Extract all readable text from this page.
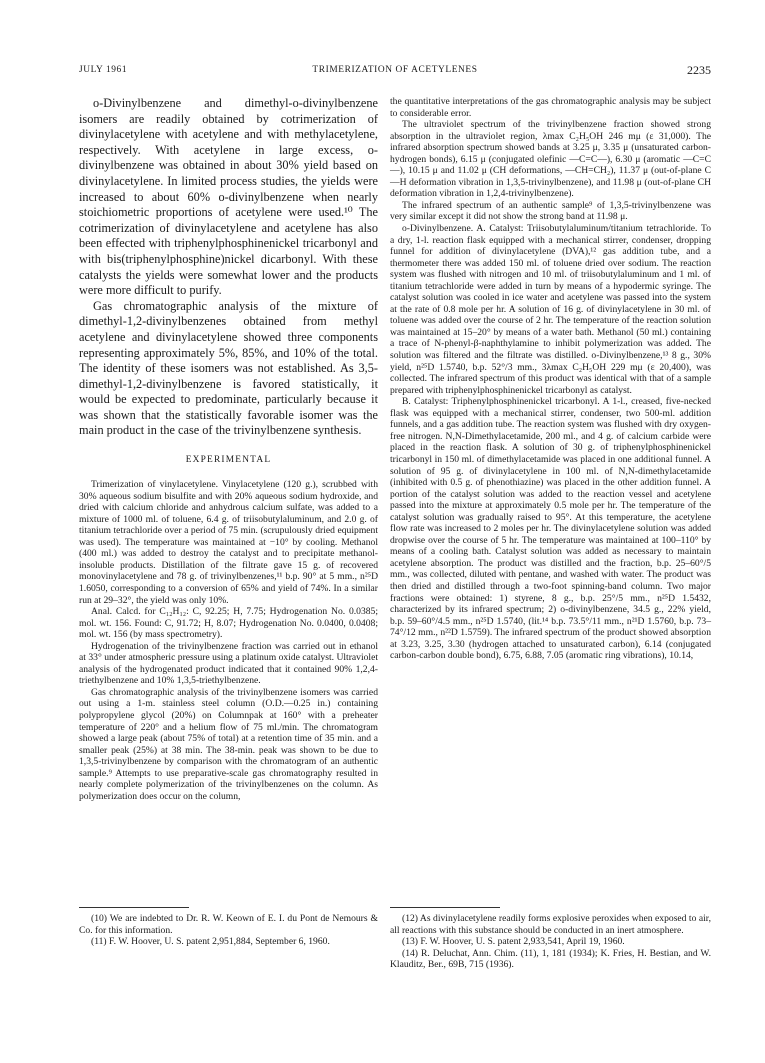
JULY 1961	TRIMERIZATION OF ACETYLENES	2235

o-Divinylbenzene and dimethyl-o-divinylbenzene isomers are readily obtained by cotrimerization of divinylacetylene with acetylene and with methylacetylene, respectively. With acetylene in large excess, o-divinylbenzene was obtained in about 30% yield based on divinylacetylene. In limited process studies, the yields were increased to about 60% o-divinylbenzene when nearly stoichiometric proportions of acetylene were used.¹⁰ The cotrimerization of divinylacetylene and acetylene has also been effected with triphenylphosphinenickel tricarbonyl and with bis(triphenylphosphine)nickel dicarbonyl. With these catalysts the yields were somewhat lower and the products were more difficult to purify.

Gas chromatographic analysis of the mixture of dimethyl-1,2-divinylbenzenes obtained from methyl acetylene and divinylacetylene showed three components representing approximately 5%, 85%, and 10% of the total. The identity of these isomers was not established. As 3,5-dimethyl-1,2-divinylbenzene is favored statistically, it would be expected to predominate, particularly because it was shown that the statistically favorable isomer was the main product in the case of the trivinylbenzene synthesis.

EXPERIMENTAL

Trimerization of vinylacetylene. Vinylacetylene (120 g.), scrubbed with 30% aqueous sodium bisulfite and with 20% aqueous sodium hydroxide, and dried with calcium chloride and anhydrous calcium sulfate, was added to a mixture of 1000 ml. of toluene, 6.4 g. of triisobutylaluminum, and 2.0 g. of titanium tetrachloride over a period of 75 min. (scrupulously dried equipment was used). The temperature was maintained at −10° by cooling. Methanol (400 ml.) was added to destroy the catalyst and to precipitate methanol-insoluble products. Distillation of the filtrate gave 15 g. of recovered monovinylacetylene and 78 g. of trivinylbenzenes,¹¹ b.p. 90° at 5 mm., n²⁵D 1.6050, corresponding to a conversion of 65% and yield of 74%. In a similar run at 29–32°, the yield was only 10%.

Anal. Calcd. for C₁₂H₁₂: C, 92.25; H, 7.75; Hydrogenation No. 0.0385; mol. wt. 156. Found: C, 91.72; H, 8.07; Hydrogenation No. 0.0400, 0.0408; mol. wt. 156 (by mass spectrometry).

Hydrogenation of the trivinylbenzene fraction was carried out in ethanol at 33° under atmospheric pressure using a platinum oxide catalyst. Ultraviolet analysis of the hydrogenated product indicated that it contained 90% 1,2,4-triethylbenzene and 10% 1,3,5-triethylbenzene.

Gas chromatographic analysis of the trivinylbenzene isomers was carried out using a 1-m. stainless steel column (O.D.—0.25 in.) containing polypropylene glycol (20%) on Columnpak at 160° with a preheater temperature of 220° and a helium flow of 75 ml./min. The chromatogram showed a large peak (about 75% of total) at a retention time of 35 min. and a smaller peak (25%) at 38 min. The 38-min. peak was shown to be due to 1,3,5-trivinylbenzene by comparison with the chromatogram of an authentic sample.⁹ Attempts to use preparative-scale gas chromatography resulted in nearly complete polymerization of the trivinylbenzenes on the column. As polymerization does occur on the column,

the quantitative interpretations of the gas chromatographic analysis may be subject to considerable error.

The ultraviolet spectrum of the trivinylbenzene fraction showed strong absorption in the ultraviolet region, λmax C₂H₅OH 246 mμ (ε 31,000). The infrared absorption spectrum showed bands at 3.25 μ, 3.35 μ (unsaturated carbon-hydrogen bonds), 6.15 μ (conjugated olefinic —C=C—), 6.30 μ (aromatic —C=C—), 10.15 μ and 11.02 μ (CH deformations, —CH=CH₂), 11.37 μ (out-of-plane C—H deformation vibration in 1,3,5-trivinylbenzene), and 11.98 μ (out-of-plane CH deformation vibration in 1,2,4-trivinylbenzene).

The infrared spectrum of an authentic sample⁹ of 1,3,5-trivinylbenzene was very similar except it did not show the strong band at 11.98 μ.

o-Divinylbenzene. A. Catalyst: Triisobutylaluminum/titanium tetrachloride. To a dry, 1-l. reaction flask equipped with a mechanical stirrer, condenser, dropping funnel for addition of divinylacetylene (DVA),¹² gas addition tube, and a thermometer there was added 150 ml. of toluene dried over sodium. The reaction system was flushed with nitrogen and 10 ml. of triisobutylaluminum and 1 ml. of titanium tetrachloride were added in turn by means of a hypodermic syringe. The catalyst solution was cooled in ice water and acetylene was passed into the system at the rate of 0.8 mole per hr. A solution of 16 g. of divinylacetylene in 30 ml. of toluene was added over the course of 2 hr. The temperature of the reaction solution was maintained at 15–20° by means of a water bath. Methanol (50 ml.) containing a trace of N-phenyl-β-naphthylamine to inhibit polymerization was added. The solution was filtered and the filtrate was distilled. o-Divinylbenzene,¹³ 8 g., 30% yield, n²⁵D 1.5740, b.p. 52°/3 mm., 3λmax C₂H₅OH 229 mμ (ε 20,400), was collected. The infrared spectrum of this product was identical with that of a sample prepared with triphenylphosphinenickel tricarbonyl as catalyst.

B. Catalyst: Triphenylphosphinenickel tricarbonyl. A 1-l., creased, five-necked flask was equipped with a mechanical stirrer, condenser, two 500-ml. addition funnels, and a gas addition tube. The reaction system was flushed with dry oxygen-free nitrogen. N,N-Dimethylacetamide, 200 ml., and 4 g. of calcium carbide were placed in the reaction flask. A solution of 30 g. of triphenylphosphinenickel tricarbonyl in 150 ml. of dimethylacetamide was placed in one additional funnel. A solution of 95 g. of divinylacetylene in 100 ml. of N,N-dimethylacetamide (inhibited with 0.5 g. of phenothiazine) was placed in the other addition funnel. A portion of the catalyst solution was added to the reaction vessel and acetylene passed into the mixture at approximately 0.5 mole per hr. The temperature of the catalyst solution was gradually raised to 95°. At this temperature, the acetylene flow rate was increased to 2 moles per hr. The divinylacetylene solution was added dropwise over the course of 5 hr. The temperature was maintained at 100–110° by means of a cooling bath. Catalyst solution was added as necessary to maintain acetylene absorption. The product was distilled and the fraction, b.p. 25–60°/5 mm., was collected, diluted with pentane, and washed with water. The product was then dried and distilled through a two-foot spinning-band column. Two major fractions were obtained: 1) styrene, 8 g., b.p. 25°/5 mm., n²⁵D 1.5432, characterized by its infrared spectrum; 2) o-divinylbenzene, 34.5 g., 22% yield, b.p. 59–60°/4.5 mm., n²⁵D 1.5740, (lit.¹⁴ b.p. 73.5°/11 mm., n²¹D 1.5760, b.p. 73–74°/12 mm., n²²D 1.5759). The infrared spectrum of the product showed absorption at 3.23, 3.25, 3.30 (hydrogen attached to unsaturated carbon), 6.14 (conjugated carbon-carbon double bond), 6.75, 6.88, 7.05 (aromatic ring vibrations), 10.14,

(10) We are indebted to Dr. R. W. Keown of E. I. du Pont de Nemours & Co. for this information.

(11) F. W. Hoover, U. S. patent 2,951,884, September 6, 1960.

(12) As divinylacetylene readily forms explosive peroxides when exposed to air, all reactions with this substance should be conducted in an inert atmosphere.

(13) F. W. Hoover, U. S. patent 2,933,541, April 19, 1960.

(14) R. Deluchat, Ann. Chim. (11), 1, 181 (1934); K. Fries, H. Bestian, and W. Klauditz, Ber., 69B, 715 (1936).
